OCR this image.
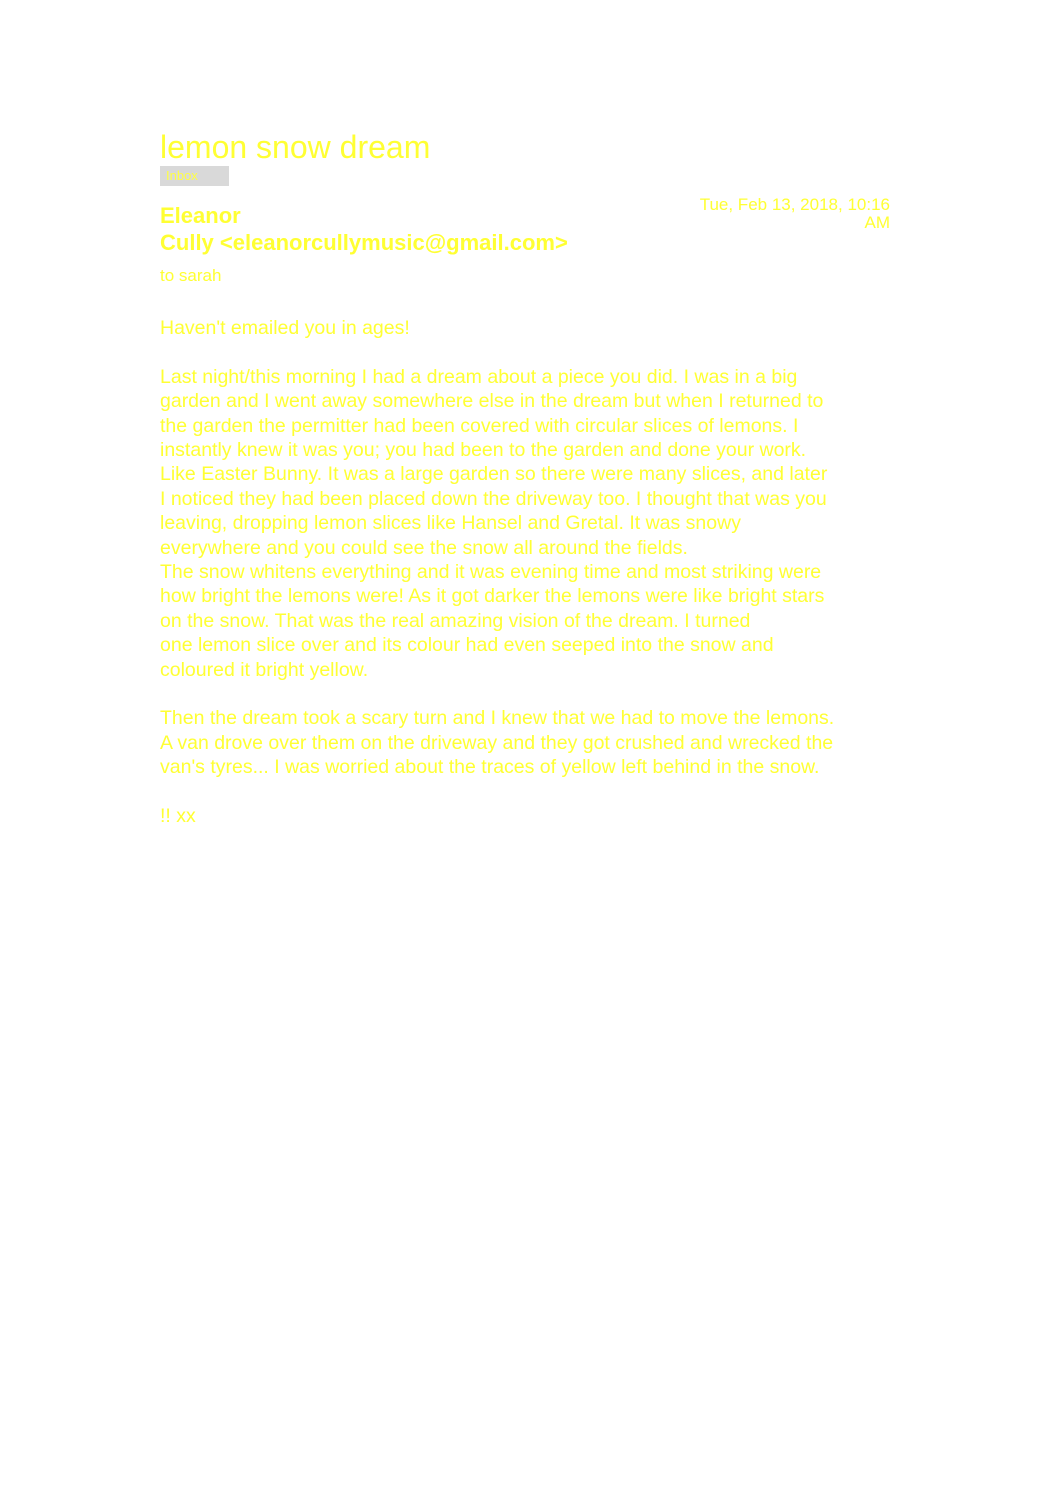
lemon snow dream
Inbox
Eleanor
Cully <eleanorcullymusic@gmail.com>
Tue, Feb 13, 2018, 10:16
AM
to sarah

Haven't emailed you in ages!

Last night/this morning I had a dream about a piece you did. I was in a big
garden and I went away somewhere else in the dream but when I returned to
the garden the permitter had been covered with circular slices of lemons. I
instantly knew it was you; you had been to the garden and done your work.
Like Easter Bunny. It was a large garden so there were many slices, and later
I noticed they had been placed down the driveway too. I thought that was you
leaving, dropping lemon slices like Hansel and Gretal. It was snowy
everywhere and you could see the snow all around the fields.
The snow whitens everything and it was evening time and most striking were
how bright the lemons were! As it got darker the lemons were like bright stars
on the snow. That was the real amazing vision of the dream. I turned
one lemon slice over and its colour had even seeped into the snow and
coloured it bright yellow.

Then the dream took a scary turn and I knew that we had to move the lemons.
A van drove over them on the driveway and they got crushed and wrecked the
van's tyres... I was worried about the traces of yellow left behind in the snow.

!! xx
